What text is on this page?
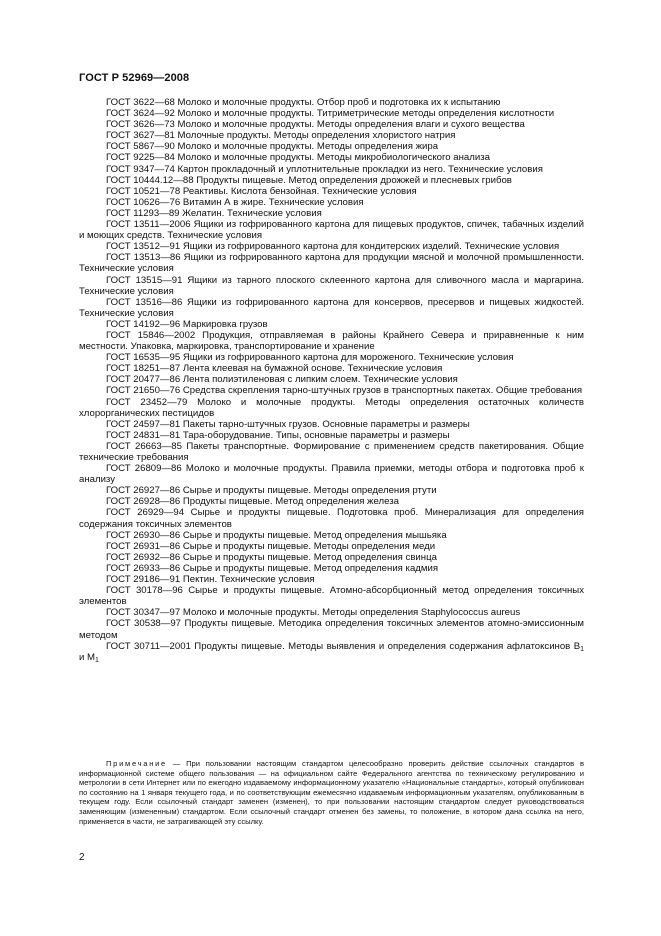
ГОСТ Р 52969—2008

ГОСТ 3622—68 Молоко и молочные продукты. Отбор проб и подготовка их к испытанию

ГОСТ 3624—92 Молоко и молочные продукты. Титриметрические методы определения кислотности

ГОСТ 3626—73 Молоко и молочные продукты. Методы определения влаги и сухого вещества

ГОСТ 3627—81 Молочные продукты. Методы определения хлористого натрия

ГОСТ 5867—90 Молоко и молочные продукты. Методы определения жира

ГОСТ 9225—84 Молоко и молочные продукты. Методы микробиологического анализа

ГОСТ 9347—74 Картон прокладочный и уплотнительные прокладки из него. Технические условия

ГОСТ 10444.12—88 Продукты пищевые. Метод определения дрожжей и плесневых грибов

ГОСТ 10521—78 Реактивы. Кислота бензойная. Технические условия

ГОСТ 10626—76 Витамин А в жире. Технические условия

ГОСТ 11293—89 Желатин. Технические условия

ГОСТ 13511—2006 Ящики из гофрированного картона для пищевых продуктов, спичек, табачных изделий и моющих средств. Технические условия

ГОСТ 13512—91 Ящики из гофрированного картона для кондитерских изделий. Технические условия

ГОСТ 13513—86 Ящики из гофрированного картона для продукции мясной и молочной промышленности. Технические условия

ГОСТ 13515—91 Ящики из тарного плоского склеенного картона для сливочного масла и маргарина. Технические условия

ГОСТ 13516—86 Ящики из гофрированного картона для консервов, пресервов и пищевых жидкостей. Технические условия

ГОСТ 14192—96 Маркировка грузов

ГОСТ 15846—2002 Продукция, отправляемая в районы Крайнего Севера и приравненные к ним местности. Упаковка, маркировка, транспортирование и хранение

ГОСТ 16535—95 Ящики из гофрированного картона для мороженого. Технические условия

ГОСТ 18251—87 Лента клеевая на бумажной основе. Технические условия

ГОСТ 20477—86 Лента полиэтиленовая с липким слоем. Технические условия

ГОСТ 21650—76 Средства скрепления тарно-штучных грузов в транспортных пакетах. Общие требования

ГОСТ 23452—79 Молоко и молочные продукты. Методы определения остаточных количеств хлорорганических пестицидов

ГОСТ 24597—81 Пакеты тарно-штучных грузов. Основные параметры и размеры

ГОСТ 24831—81 Тара-оборудование. Типы, основные параметры и размеры

ГОСТ 26663—85 Пакеты транспортные. Формирование с применением средств пакетирования. Общие технические требования

ГОСТ 26809—86 Молоко и молочные продукты. Правила приемки, методы отбора и подготовка проб к анализу

ГОСТ 26927—86 Сырье и продукты пищевые. Методы определения ртути

ГОСТ 26928—86 Продукты пищевые. Метод определения железа

ГОСТ 26929—94 Сырье и продукты пищевые. Подготовка проб. Минерализация для определения содержания токсичных элементов

ГОСТ 26930—86 Сырье и продукты пищевые. Метод определения мышьяка

ГОСТ 26931—86 Сырье и продукты пищевые. Методы определения меди

ГОСТ 26932—86 Сырье и продукты пищевые. Метод определения свинца

ГОСТ 26933—86 Сырье и продукты пищевые. Метод определения кадмия

ГОСТ 29186—91 Пектин. Технические условия

ГОСТ 30178—96 Сырье и продукты пищевые. Атомно-абсорбционный метод определения токсичных элементов

ГОСТ 30347—97 Молоко и молочные продукты. Методы определения Staphylococcus aureus

ГОСТ 30538—97 Продукты пищевые. Методика определения токсичных элементов атомно-эмиссионным методом

ГОСТ 30711—2001 Продукты пищевые. Методы выявления и определения содержания афлатоксинов $В_1$ и $М_1$

Примечание — При пользовании настоящим стандартом целесообразно проверить действие ссылочных стандартов в информационной системе общего пользования — на официальном сайте Федерального агентства по техническому регулированию и метрологии в сети Интернет или по ежегодно издаваемому информационному указателю «Национальные стандарты», который опубликован по состоянию на 1 января текущего года, и по соответствующим ежемесячно издаваемым информационным указателям, опубликованным в текущем году. Если ссылочный стандарт заменен (изменен), то при пользовании настоящим стандартом следует руководствоваться заменяющим (измененным) стандартом. Если ссылочный стандарт отменен без замены, то положение, в котором дана ссылка на него, применяется в части, не затрагивающей эту ссылку.
2
